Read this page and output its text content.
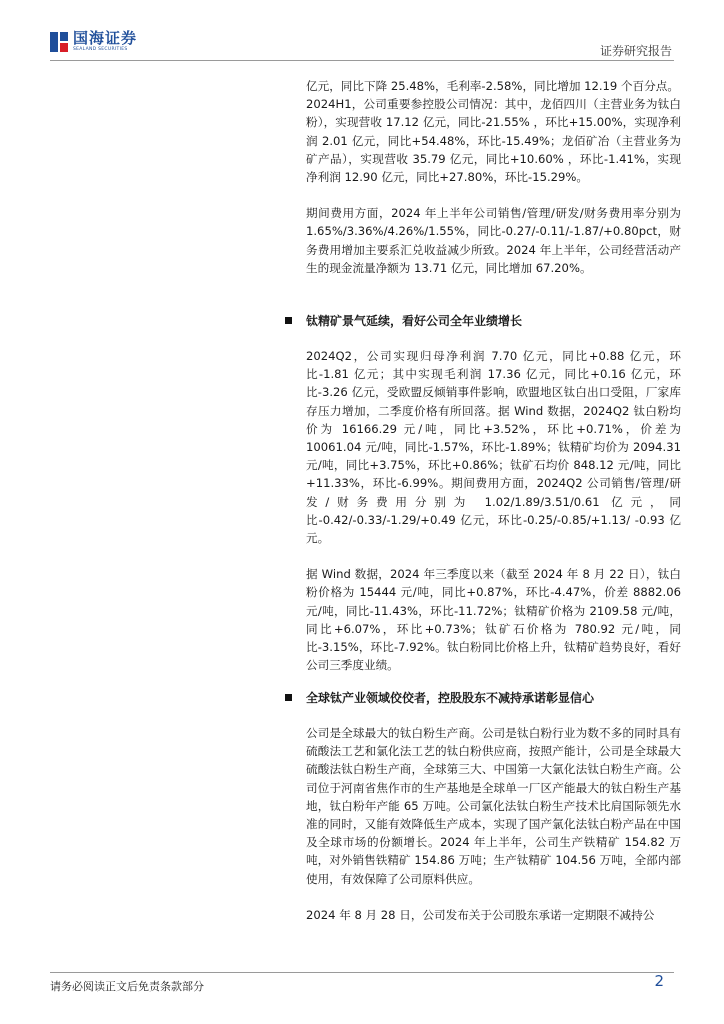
国海证券
SEALAND SECURITIES	证券研究报告

亿元，同比下降 25.48%，毛利率-2.58%，同比增加 12.19 个百分点。

2024H1，公司重要参控股公司情况：其中，龙佰四川（主营业务为钛白粉），实现营收 17.12 亿元，同比-21.55% ，环比+15.00%，实现净利润 2.01 亿元，同比+54.48%，环比-15.49%；龙佰矿冶（主营业务为矿产品），实现营收 35.79 亿元，同比+10.60% ，环比-1.41%，实现净利润 12.90 亿元，同比+27.80%，环比-15.29%。

期间费用方面，2024 年上半年公司销售/管理/研发/财务费用率分别为 1.65%/3.36%/4.26%/1.55%，同比-0.27/-0.11/-1.87/+0.80pct，财务费用增加主要系汇兑收益减少所致。2024 年上半年，公司经营活动产生的现金流量净额为 13.71 亿元，同比增加 67.20%。

钛精矿景气延续，看好公司全年业绩增长

2024Q2，公司实现归母净利润 7.70 亿元，同比+0.88 亿元，环比-1.81 亿元；其中实现毛利润 17.36 亿元，同比+0.16 亿元，环比-3.26 亿元，受欧盟反倾销事件影响，欧盟地区钛白出口受阻，厂家库存压力增加，二季度价格有所回落。据 Wind 数据，2024Q2 钛白粉均价为 16166.29 元/吨，同比+3.52%，环比+0.71%，价差为 10061.04 元/吨，同比-1.57%，环比-1.89%；钛精矿均价为 2094.31 元/吨，同比+3.75%，环比+0.86%；钛矿石均价 848.12 元/吨，同比+11.33%，环比-6.99%。期间费用方面，2024Q2 公司销售/管理/研发/财务费用分别为 1.02/1.89/3.51/0.61 亿元，同比-0.42/-0.33/-1.29/+0.49 亿元，环比-0.25/-0.85/+1.13/ -0.93 亿元。

据 Wind 数据，2024 年三季度以来（截至 2024 年 8 月 22 日），钛白粉价格为 15444 元/吨，同比+0.87%，环比-4.47%，价差 8882.06 元/吨，同比-11.43%，环比-11.72%；钛精矿价格为 2109.58 元/吨，同比+6.07%，环比+0.73%；钛矿石价格为 780.92 元/吨，同比-3.15%，环比-7.92%。钛白粉同比价格上升，钛精矿趋势良好，看好公司三季度业绩。

全球钛产业领域佼佼者，控股股东不减持承诺彰显信心

公司是全球最大的钛白粉生产商。公司是钛白粉行业为数不多的同时具有硫酸法工艺和氯化法工艺的钛白粉供应商，按照产能计，公司是全球最大硫酸法钛白粉生产商，全球第三大、中国第一大氯化法钛白粉生产商。公司位于河南省焦作市的生产基地是全球单一厂区产能最大的钛白粉生产基地，钛白粉年产能 65 万吨。公司氯化法钛白粉生产技术比肩国际领先水准的同时，又能有效降低生产成本，实现了国产氯化法钛白粉产品在中国及全球市场的份额增长。2024 年上半年，公司生产铁精矿 154.82 万吨，对外销售铁精矿 154.86 万吨；生产钛精矿 104.56 万吨，全部内部使用，有效保障了公司原料供应。

2024 年 8 月 28 日，公司发布关于公司股东承诺一定期限不减持公

请务必阅读正文后免责条款部分	2
